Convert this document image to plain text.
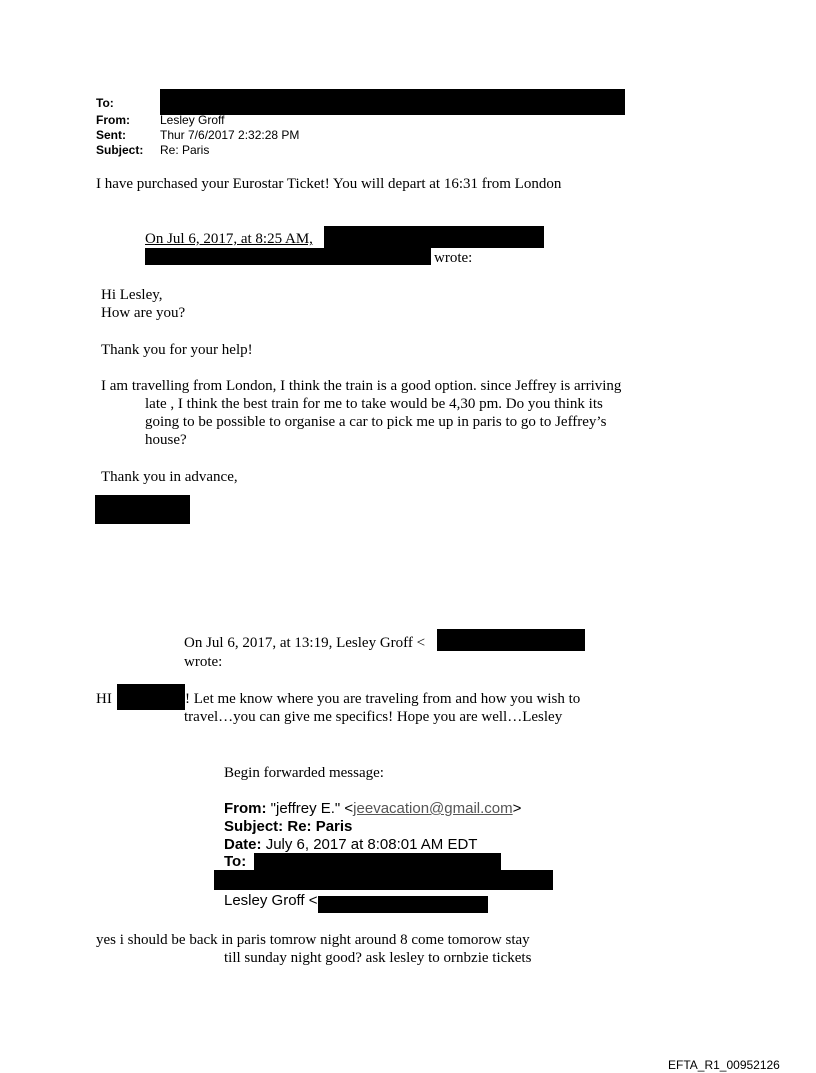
To:
From:	Lesley Groff
Sent:	Thur 7/6/2017 2:32:28 PM
Subject: Re: Paris
I have purchased your Eurostar Ticket! You will depart at 16:31 from London
On Jul 6, 2017, at 8:25 AM,
wrote:
Hi Lesley,
How are you?
Thank you for your help!
I am travelling from London, I think the train is a good option. since Jeffrey is arriving
late , I think the best train for me to take would be 4,30 pm. Do you think its
going to be possible to organise a car to pick me up in paris to go to Jeffrey’s
house?
Thank you in advance,
On Jul 6, 2017, at 13:19, Lesley Groff <
wrote:
HI	! Let me know where you are traveling from and how you wish to
travel…you can give me specifics! Hope you are well…Lesley
Begin forwarded message:
From: "jeffrey E." <jeevacation@gmail.com>
Subject: Re: Paris
Date: July 6, 2017 at 8:08:01 AM EDT
To:
Lesley Groff <
yes i should be back in paris tomrow night around 8 come tomorow stay
till sunday night good? ask lesley to ornbzie tickets
EFTA_R1_00952126
